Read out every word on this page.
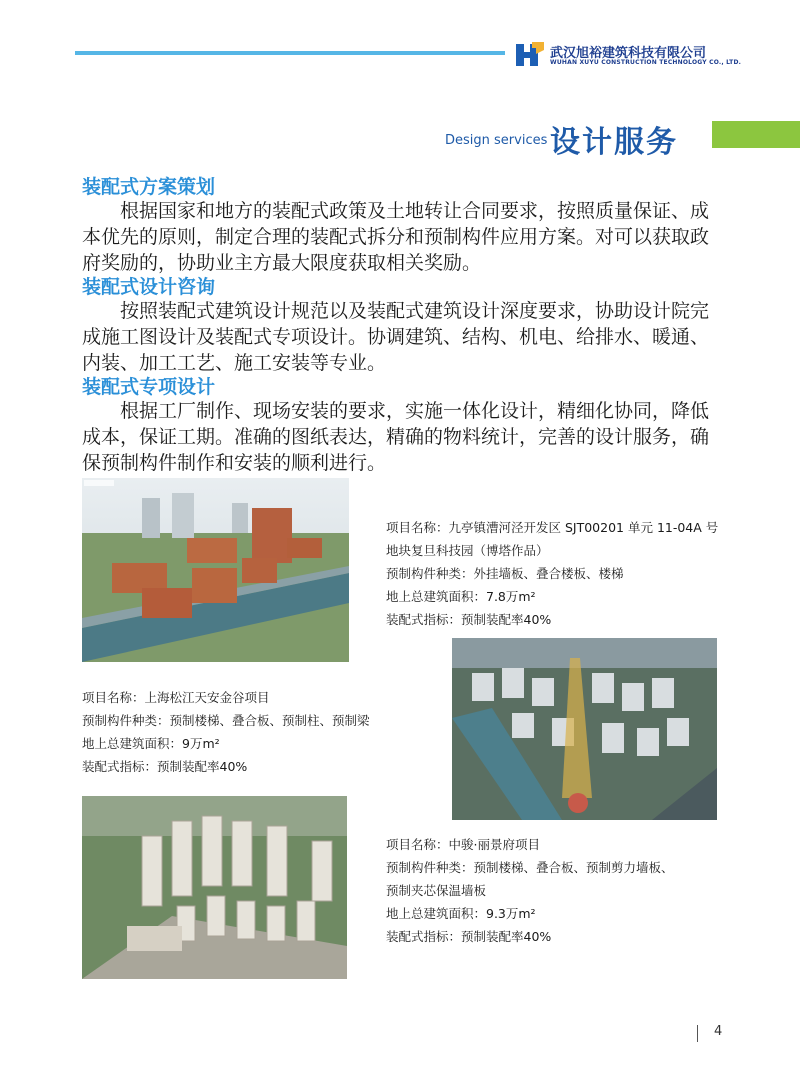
武汉旭裕建筑科技有限公司
WUHAN XUYU CONSTRUCTION TECHNOLOGY CO., LTD.
Design services 设计服务
装配式方案策划

根据国家和地方的装配式政策及土地转让合同要求，按照质量保证、成本优先的原则，制定合理的装配式拆分和预制构件应用方案。对可以获取政府奖励的，协助业主方最大限度获取相关奖励。

装配式设计咨询

按照装配式建筑设计规范以及装配式建筑设计深度要求，协助设计院完成施工图设计及装配式专项设计。协调建筑、结构、机电、给排水、暖通、内装、加工工艺、施工安装等专业。

装配式专项设计

根据工厂制作、现场安装的要求，实施一体化设计，精细化协同，降低成本，保证工期。准确的图纸表达，精确的物料统计，完善的设计服务，确保预制构件制作和安装的顺利进行。

项目名称：九亭镇漕河泾开发区 SJT00201 单元 11-04A 号
地块复旦科技园（博塔作品）
预制构件种类：外挂墙板、叠合楼板、楼梯
地上总建筑面积：7.8万m²
装配式指标：预制装配率40%
项目名称：上海松江天安金谷项目
预制构件种类：预制楼梯、叠合板、预制柱、预制梁
地上总建筑面积：9万m²
装配式指标：预制装配率40%
项目名称：中骏·丽景府项目
预制构件种类：预制楼梯、叠合板、预制剪力墙板、
预制夹芯保温墙板
地上总建筑面积：9.3万m²
装配式指标：预制装配率40%
4
